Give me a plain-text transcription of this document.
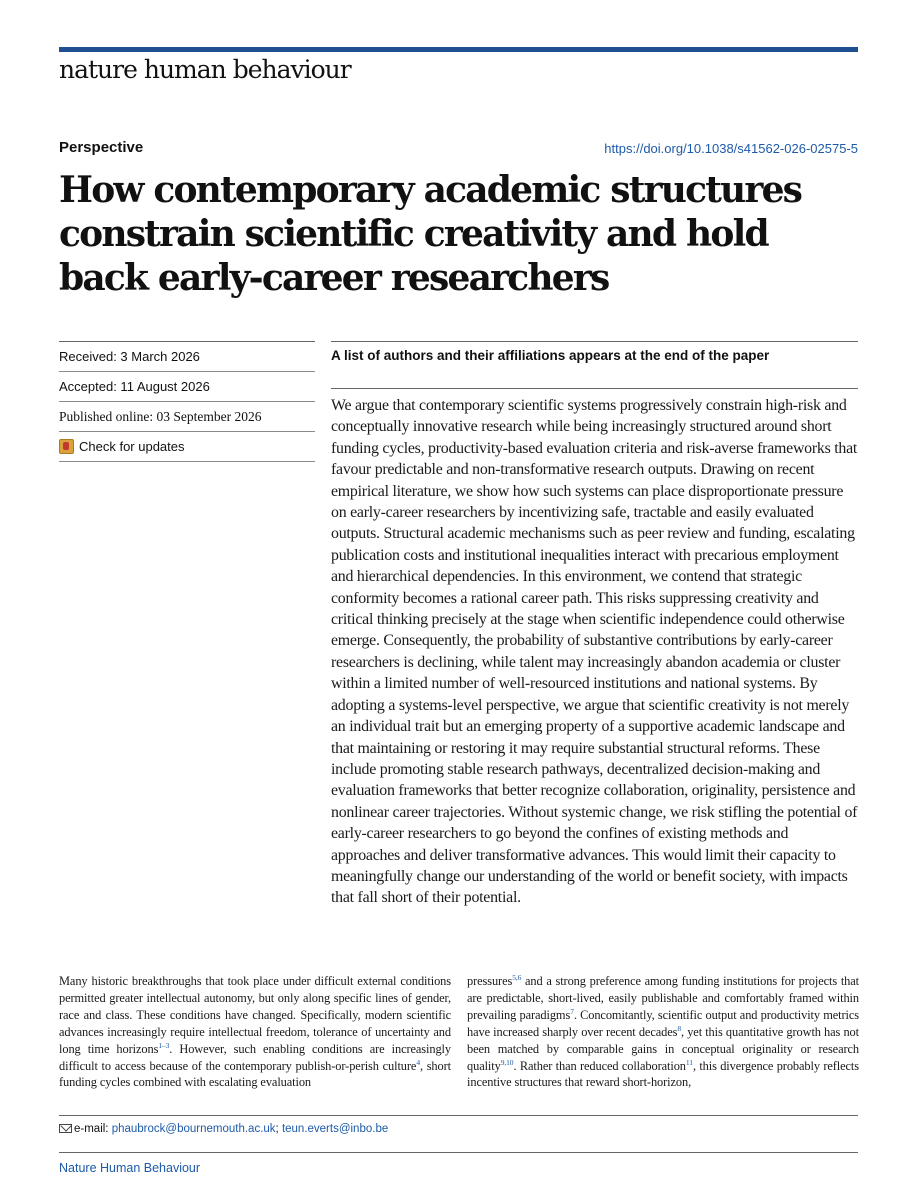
nature human behaviour
Perspective	https://doi.org/10.1038/s41562-026-02575-5
How contemporary academic structures constrain scientific creativity and hold back early-career researchers
Received: 3 March 2026
Accepted: 11 August 2026
Published online: 03 September 2026
Check for updates
A list of authors and their affiliations appears at the end of the paper

We argue that contemporary scientific systems progressively constrain high-risk and conceptually innovative research while being increasingly structured around short funding cycles, productivity-based evaluation criteria and risk-averse frameworks that favour predictable and non-transformative research outputs. Drawing on recent empirical literature, we show how such systems can place disproportionate pressure on early-career researchers by incentivizing safe, tractable and easily evaluated outputs. Structural academic mechanisms such as peer review and funding, escalating publication costs and institutional inequalities interact with precarious employment and hierarchical dependencies. In this environment, we contend that strategic conformity becomes a rational career path. This risks suppressing creativity and critical thinking precisely at the stage when scientific independence could otherwise emerge. Consequently, the probability of substantive contributions by early-career researchers is declining, while talent may increasingly abandon academia or cluster within a limited number of well-resourced institutions and national systems. By adopting a systems-level perspective, we argue that scientific creativity is not merely an individual trait but an emerging property of a supportive academic landscape and that maintaining or restoring it may require substantial structural reforms. These include promoting stable research pathways, decentralized decision-making and evaluation frameworks that better recognize collaboration, originality, persistence and nonlinear career trajectories. Without systemic change, we risk stifling the potential of early-career researchers to go beyond the confines of existing methods and approaches and deliver transformative advances. This would limit their capacity to meaningfully change our understanding of the world or benefit society, with impacts that fall short of their potential.

Many historic breakthroughs that took place under difficult external conditions permitted greater intellectual autonomy, but only along specific lines of gender, race and class. These conditions have changed. Specifically, modern scientific advances increasingly require intellectual freedom, tolerance of uncertainty and long time horizons$^{1-3}$. However, such enabling conditions are increasingly difficult to access because of the contemporary publish-or-perish culture$^4$, short funding cycles combined with escalating evaluation

pressures$^{5,6}$ and a strong preference among funding institutions for projects that are predictable, short-lived, easily publishable and comfortably framed within prevailing paradigms$^7$. Concomitantly, scientific output and productivity metrics have increased sharply over recent decades$^8$, yet this quantitative growth has not been matched by comparable gains in conceptual originality or research quality$^{9,10}$. Rather than reduced collaboration$^{11}$, this divergence probably reflects incentive structures that reward short-horizon,

e-mail: phaubrock@bournemouth.ac.uk; teun.everts@inbo.be
Nature Human Behaviour
